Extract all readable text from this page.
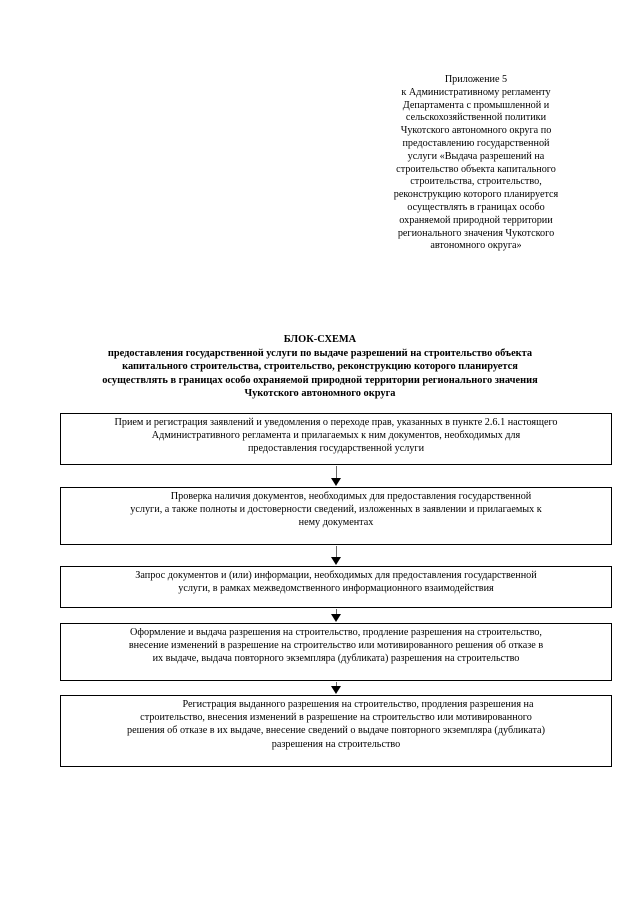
Приложение 5
к Административному регламенту
Департамента с промышленной и
сельскохозяйственной политики
Чукотского автономного округа по
предоставлению государственной
услуги «Выдача разрешений на
строительство объекта капитального
строительства, строительство,
реконструкцию которого планируется
осуществлять в границах особо
охраняемой природной территории
регионального значения Чукотского
автономного округа»
БЛОК-СХЕМА
предоставления государственной услуги по выдаче разрешений на строительство объекта
капитального строительства, строительство, реконструкцию которого планируется
осуществлять в границах особо охраняемой природной территории регионального значения
Чукотского автономного округа
Прием и регистрация заявлений и уведомления о переходе прав, указанных в пункте 2.6.1 настоящего
Административного регламента и прилагаемых к ним документов, необходимых для
предоставления государственной услуги
Проверка наличия документов, необходимых для предоставления государственной
услуги, а также полноты и достоверности сведений, изложенных в заявлении и прилагаемых к
нему документах
Запрос документов и (или) информации, необходимых для предоставления государственной
услуги, в рамках межведомственного информационного взаимодействия
Оформление и выдача разрешения на строительство, продление разрешения на строительство,
внесение изменений в разрешение на строительство или мотивированного решения об отказе в
их выдаче, выдача повторного экземпляра (дубликата) разрешения на строительство
Регистрация выданного разрешения на строительство, продления разрешения на
строительство, внесения изменений в разрешение на строительство или мотивированного
решения об отказе в их выдаче, внесение сведений о выдаче повторного экземпляра (дубликата)
разрешения на строительство
